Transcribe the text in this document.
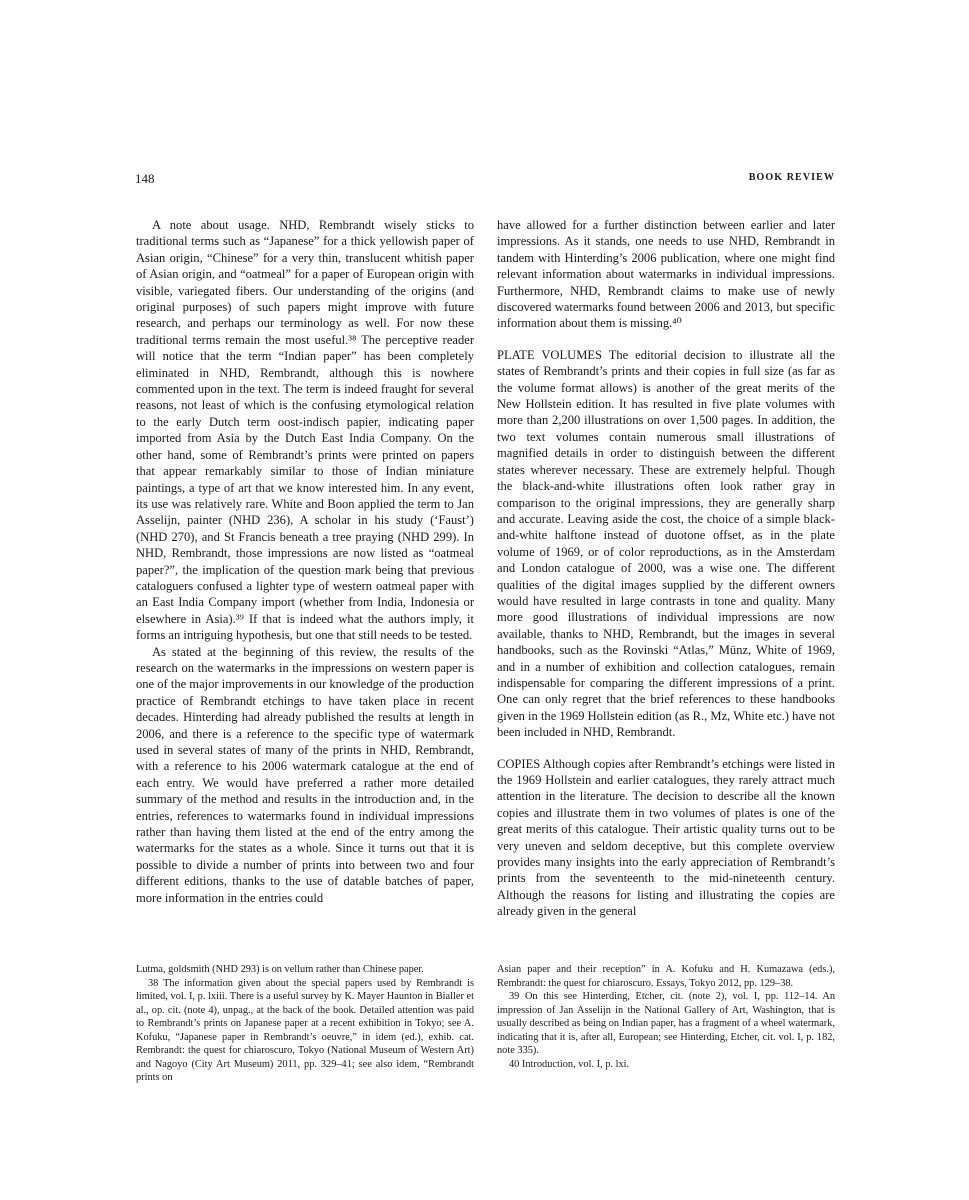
148	BOOK REVIEW

A note about usage. NHD, Rembrandt wisely sticks to traditional terms such as “Japanese” for a thick yellowish paper of Asian origin, “Chinese” for a very thin, translucent whitish paper of Asian origin, and “oatmeal” for a paper of European origin with visible, variegated fibers. Our understanding of the origins (and original purposes) of such papers might improve with future research, and perhaps our terminology as well. For now these traditional terms remain the most useful.³⁸ The perceptive reader will notice that the term “Indian paper” has been completely eliminated in NHD, Rembrandt, although this is nowhere commented upon in the text. The term is indeed fraught for several reasons, not least of which is the confusing etymological relation to the early Dutch term oost-indisch papier, indicating paper imported from Asia by the Dutch East India Company. On the other hand, some of Rembrandt’s prints were printed on papers that appear remarkably similar to those of Indian miniature paintings, a type of art that we know interested him. In any event, its use was relatively rare. White and Boon applied the term to Jan Asselijn, painter (NHD 236), A scholar in his study (‘Faust’) (NHD 270), and St Francis beneath a tree praying (NHD 299). In NHD, Rembrandt, those impressions are now listed as “oatmeal paper?”, the implication of the question mark being that previous cataloguers confused a lighter type of western oatmeal paper with an East India Company import (whether from India, Indonesia or elsewhere in Asia).³⁹ If that is indeed what the authors imply, it forms an intriguing hypothesis, but one that still needs to be tested.

As stated at the beginning of this review, the results of the research on the watermarks in the impressions on western paper is one of the major improvements in our knowledge of the production practice of Rembrandt etchings to have taken place in recent decades. Hinterding had already published the results at length in 2006, and there is a reference to the specific type of watermark used in several states of many of the prints in NHD, Rembrandt, with a reference to his 2006 watermark catalogue at the end of each entry. We would have preferred a rather more detailed summary of the method and results in the introduction and, in the entries, references to watermarks found in individual impressions rather than having them listed at the end of the entry among the watermarks for the states as a whole. Since it turns out that it is possible to divide a number of prints into between two and four different editions, thanks to the use of datable batches of paper, more information in the entries could

have allowed for a further distinction between earlier and later impressions. As it stands, one needs to use NHD, Rembrandt in tandem with Hinterding’s 2006 publication, where one might find relevant information about watermarks in individual impressions. Furthermore, NHD, Rembrandt claims to make use of newly discovered watermarks found between 2006 and 2013, but specific information about them is missing.⁴⁰

PLATE VOLUMES The editorial decision to illustrate all the states of Rembrandt’s prints and their copies in full size (as far as the volume format allows) is another of the great merits of the New Hollstein edition. It has resulted in five plate volumes with more than 2,200 illustrations on over 1,500 pages. In addition, the two text volumes contain numerous small illustrations of magnified details in order to distinguish between the different states wherever necessary. These are extremely helpful. Though the black-and-white illustrations often look rather gray in comparison to the original impressions, they are generally sharp and accurate. Leaving aside the cost, the choice of a simple black-and-white halftone instead of duotone offset, as in the plate volume of 1969, or of color reproductions, as in the Amsterdam and London catalogue of 2000, was a wise one. The different qualities of the digital images supplied by the different owners would have resulted in large contrasts in tone and quality. Many more good illustrations of individual impressions are now available, thanks to NHD, Rembrandt, but the images in several handbooks, such as the Rovinski “Atlas,” Münz, White of 1969, and in a number of exhibition and collection catalogues, remain indispensable for comparing the different impressions of a print. One can only regret that the brief references to these handbooks given in the 1969 Hollstein edition (as R., Mz, White etc.) have not been included in NHD, Rembrandt.

COPIES Although copies after Rembrandt’s etchings were listed in the 1969 Hollstein and earlier catalogues, they rarely attract much attention in the literature. The decision to describe all the known copies and illustrate them in two volumes of plates is one of the great merits of this catalogue. Their artistic quality turns out to be very uneven and seldom deceptive, but this complete overview provides many insights into the early appreciation of Rembrandt’s prints from the seventeenth to the mid-nineteenth century. Although the reasons for listing and illustrating the copies are already given in the general

Lutma, goldsmith (NHD 293) is on vellum rather than Chinese paper.

38 The information given about the special papers used by Rembrandt is limited, vol. I, p. lxiii. There is a useful survey by K. Mayer Haunton in Bialler et al., op. cit. (note 4), unpag., at the back of the book. Detailed attention was paid to Rembrandt’s prints on Japanese paper at a recent exhibition in Tokyo; see A. Kofuku, “Japanese paper in Rembrandt’s oeuvre,” in idem (ed.), exhib. cat. Rembrandt: the quest for chiaroscuro, Tokyo (National Museum of Western Art) and Nagoyo (City Art Museum) 2011, pp. 329–41; see also idem, “Rembrandt prints on

Asian paper and their reception” in A. Kofuku and H. Kumazawa (eds.), Rembrandt: the quest for chiaroscuro. Essays, Tokyo 2012, pp. 129–38.

39 On this see Hinterding, Etcher, cit. (note 2), vol. I, pp. 112–14. An impression of Jan Asselijn in the National Gallery of Art, Washington, that is usually described as being on Indian paper, has a fragment of a wheel watermark, indicating that it is, after all, European; see Hinterding, Etcher, cit. vol. I, p. 182, note 335).

40 Introduction, vol. I, p. lxi.
